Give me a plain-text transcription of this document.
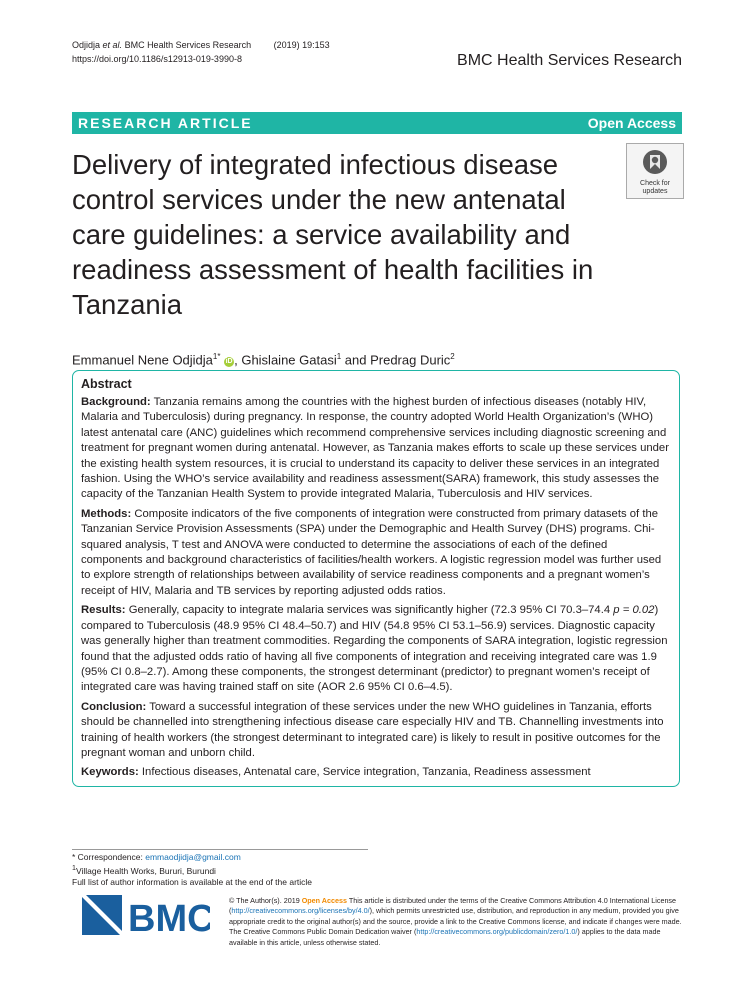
Odjidja et al. BMC Health Services Research	(2019) 19:153
https://doi.org/10.1186/s12913-019-3990-8	BMC Health Services Research
RESEARCH ARTICLE	Open Access
Delivery of integrated infectious disease control services under the new antenatal care guidelines: a service availability and readiness assessment of health facilities in Tanzania
Check for
updates
Emmanuel Nene Odjidja$^{1*}$ iD , Ghislaine Gatasi$^1$ and Predrag Duric$^2$
Abstract

Background: Tanzania remains among the countries with the highest burden of infectious diseases (notably HIV, Malaria and Tuberculosis) during pregnancy. In response, the country adopted World Health Organization’s (WHO) latest antenatal care (ANC) guidelines which recommend comprehensive services including diagnostic screening and treatment for pregnant women during antenatal. However, as Tanzania makes efforts to scale up these services under the existing health system resources, it is crucial to understand its capacity to deliver these services in an integrated fashion. Using the WHO’s service availability and readiness assessment(SARA) framework, this study assesses the capacity of the Tanzanian Health System to provide integrated Malaria, Tuberculosis and HIV services.

Methods: Composite indicators of the five components of integration were constructed from primary datasets of the Tanzanian Service Provision Assessments (SPA) under the Demographic and Health Survey (DHS) programs. Chi-squared analysis, T test and ANOVA were conducted to determine the associations of each of the defined components and background characteristics of facilities/health workers. A logistic regression model was further used to explore strength of relationships between availability of service readiness components and a pregnant women’s receipt of HIV, Malaria and TB services by reporting adjusted odds ratios.

Results: Generally, capacity to integrate malaria services was significantly higher (72.3 95% CI 70.3–74.4 p = 0.02) compared to Tuberculosis (48.9 95% CI 48.4–50.7) and HIV (54.8 95% CI 53.1–56.9) services. Diagnostic capacity was generally higher than treatment commodities. Regarding the components of SARA integration, logistic regression found that the adjusted odds ratio of having all five components of integration and receiving integrated care was 1.9 (95% CI 0.8–2.7). Among these components, the strongest determinant (predictor) to pregnant women’s receipt of integrated care was having trained staff on site (AOR 2.6 95% CI 0.6–4.5).

Conclusion: Toward a successful integration of these services under the new WHO guidelines in Tanzania, efforts should be channelled into strengthening infectious disease care especially HIV and TB. Channelling investments into training of health workers (the strongest determinant to integrated care) is likely to result in positive outcomes for the pregnant woman and unborn child.

Keywords: Infectious diseases, Antenatal care, Service integration, Tanzania, Readiness assessment

* Correspondence: emmaodjidja@gmail.com
$^1$Village Health Works, Bururi, Burundi
Full list of author information is available at the end of the article
BMC © The Author(s). 2019 Open Access This article is distributed under the terms of the Creative Commons Attribution 4.0 International License (http://creativecommons.org/licenses/by/4.0/), which permits unrestricted use, distribution, and reproduction in any medium, provided you give appropriate credit to the original author(s) and the source, provide a link to the Creative Commons license, and indicate if changes were made. The Creative Commons Public Domain Dedication waiver (http://creativecommons.org/publicdomain/zero/1.0/) applies to the data made available in this article, unless otherwise stated.
